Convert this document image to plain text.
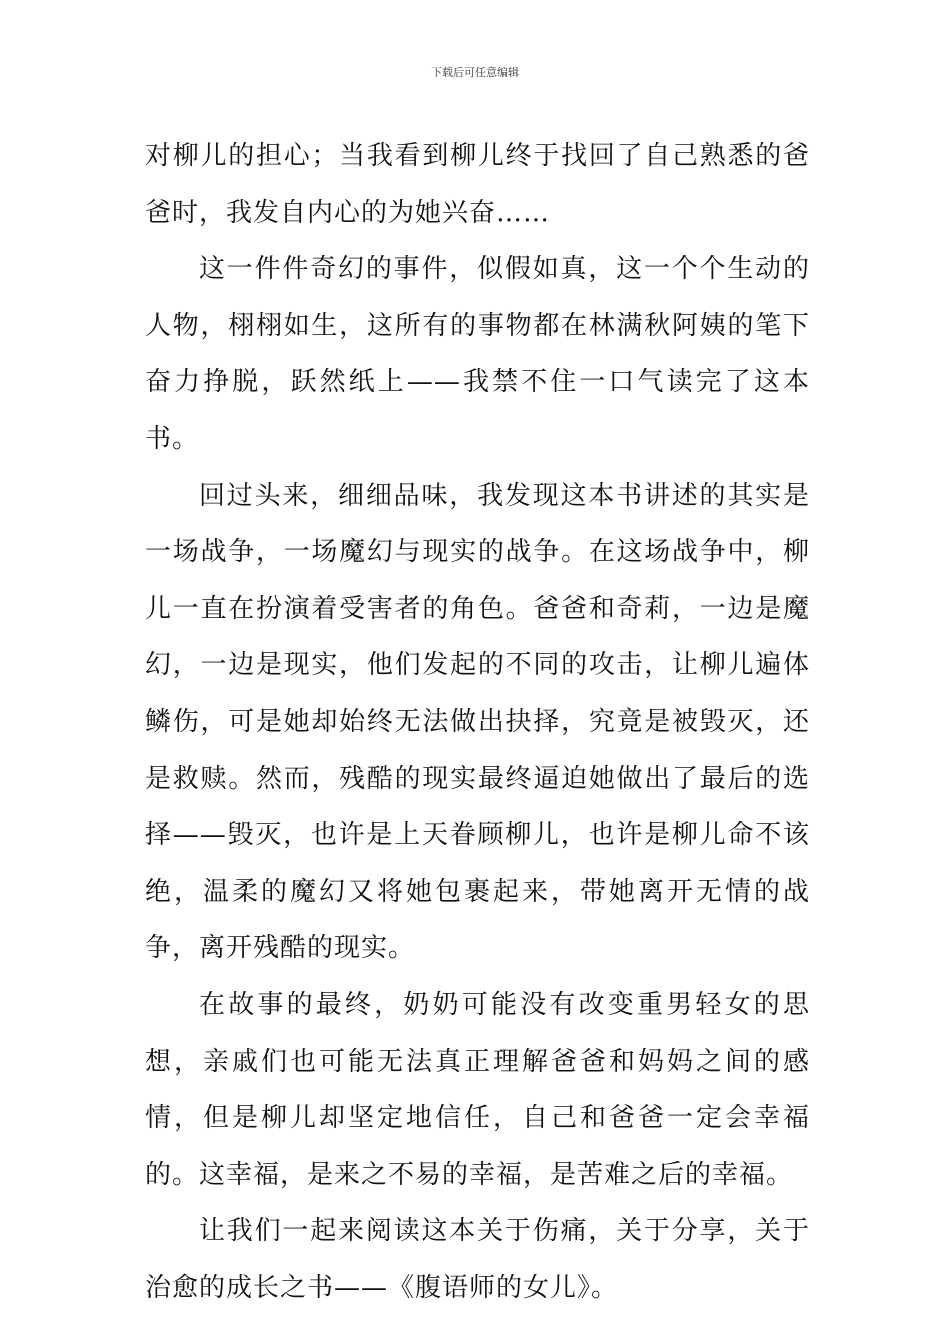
下载后可任意编辑

对柳儿的担心；当我看到柳儿终于找回了自己熟悉的爸爸时，我发自内心的为她兴奋……

这一件件奇幻的事件，似假如真，这一个个生动的人物，栩栩如生，这所有的事物都在林满秋阿姨的笔下奋力挣脱，跃然纸上——我禁不住一口气读完了这本书。

回过头来，细细品味，我发现这本书讲述的其实是一场战争，一场魔幻与现实的战争。在这场战争中，柳儿一直在扮演着受害者的角色。爸爸和奇莉，一边是魔幻，一边是现实，他们发起的不同的攻击，让柳儿遍体鳞伤，可是她却始终无法做出抉择，究竟是被毁灭，还是救赎。然而，残酷的现实最终逼迫她做出了最后的选择——毁灭，也许是上天眷顾柳儿，也许是柳儿命不该绝，温柔的魔幻又将她包裹起来，带她离开无情的战争，离开残酷的现实。

在故事的最终，奶奶可能没有改变重男轻女的思想，亲戚们也可能无法真正理解爸爸和妈妈之间的感情，但是柳儿却坚定地信任，自己和爸爸一定会幸福的。这幸福，是来之不易的幸福，是苦难之后的幸福。

让我们一起来阅读这本关于伤痛，关于分享，关于治愈的成长之书——《腹语师的女儿》。
